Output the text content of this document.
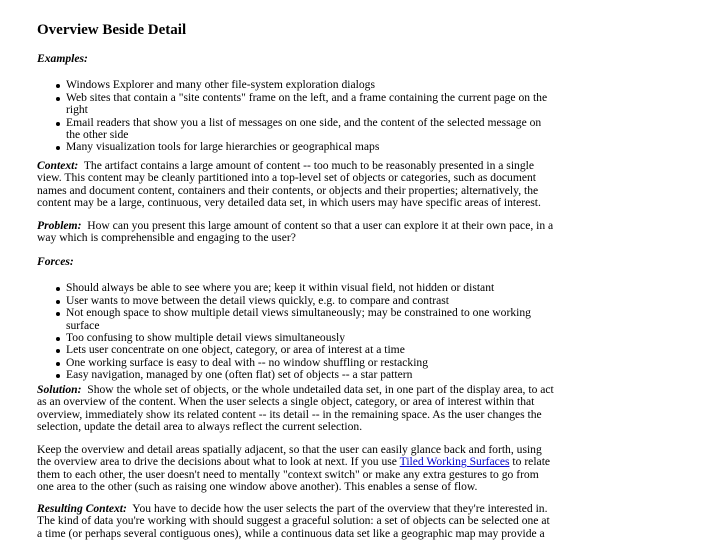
Overview Beside Detail
Examples:
Windows Explorer and many other file-system exploration dialogs
Web sites that contain a "site contents" frame on the left, and a frame containing the current page on the right
Email readers that show you a list of messages on one side, and the content of the selected message on the other side
Many visualization tools for large hierarchies or geographical maps

Context: The artifact contains a large amount of content -- too much to be reasonably presented in a single view. This content may be cleanly partitioned into a top-level set of objects or categories, such as document names and document content, containers and their contents, or objects and their properties; alternatively, the content may be a large, continuous, very detailed data set, in which users may have specific areas of interest.

Problem: How can you present this large amount of content so that a user can explore it at their own pace, in a way which is comprehensible and engaging to the user?

Forces:
Should always be able to see where you are; keep it within visual field, not hidden or distant
User wants to move between the detail views quickly, e.g. to compare and contrast
Not enough space to show multiple detail views simultaneously; may be constrained to one working surface
Too confusing to show multiple detail views simultaneously
Lets user concentrate on one object, category, or area of interest at a time
One working surface is easy to deal with -- no window shuffling or restacking
Easy navigation, managed by one (often flat) set of objects -- a star pattern

Solution: Show the whole set of objects, or the whole undetailed data set, in one part of the display area, to act as an overview of the content. When the user selects a single object, category, or area of interest within that overview, immediately show its related content -- its detail -- in the remaining space. As the user changes the selection, update the detail area to always reflect the current selection.

Keep the overview and detail areas spatially adjacent, so that the user can easily glance back and forth, using the overview area to drive the decisions about what to look at next. If you use Tiled Working Surfaces to relate them to each other, the user doesn't need to mentally "context switch" or make any extra gestures to go from one area to the other (such as raising one window above another). This enables a sense of flow.

Resulting Context: You have to decide how the user selects the part of the overview that they're interested in. The kind of data you're working with should suggest a graceful solution: a set of objects can be selected one at a time (or perhaps several contiguous ones), while a continuous data set like a geographic map may provide a
